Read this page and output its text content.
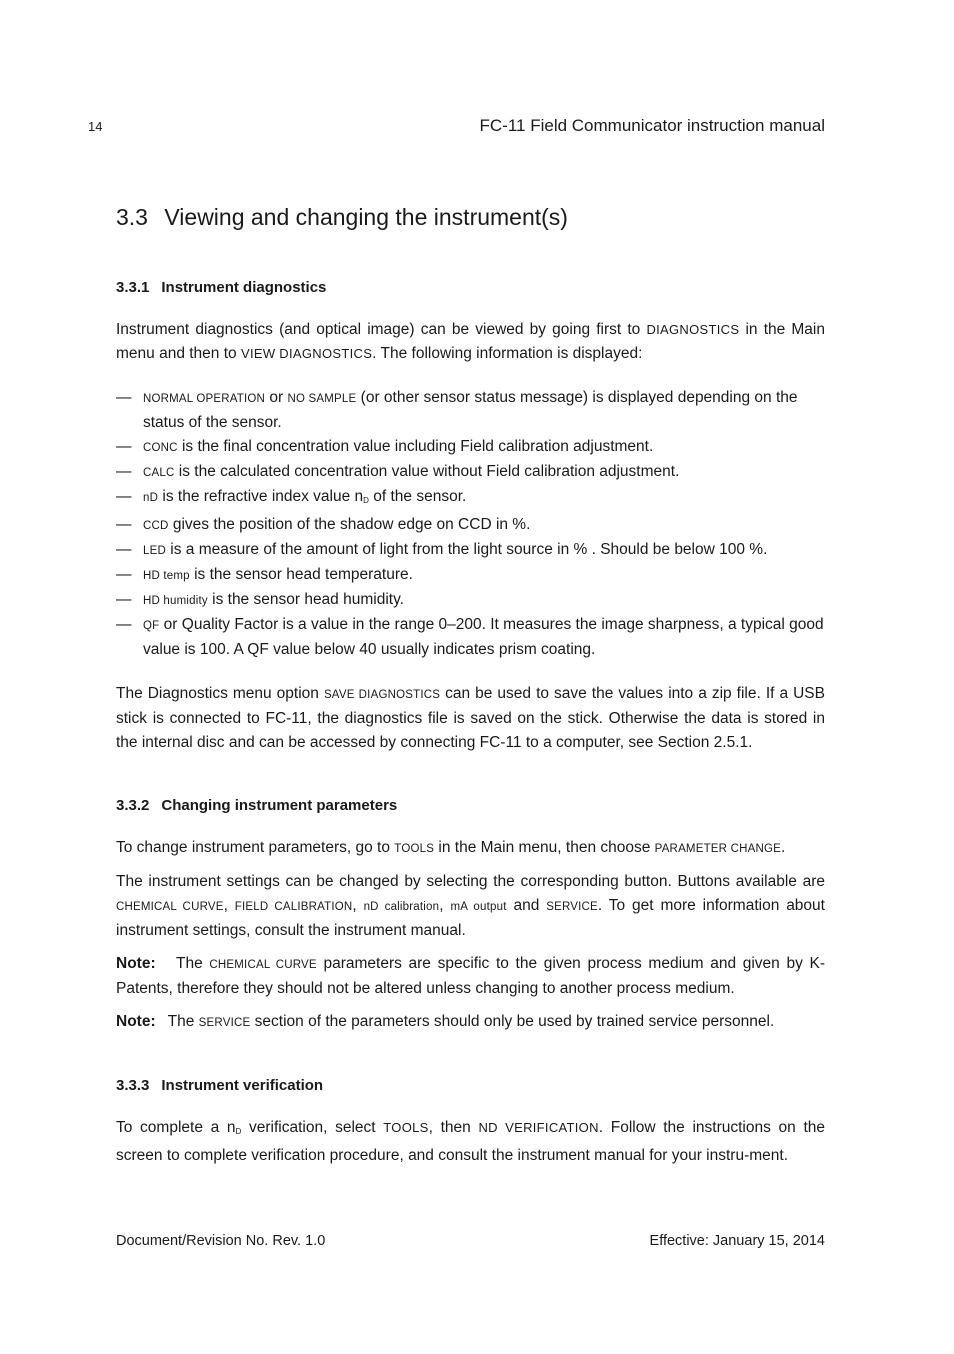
14	FC-11 Field Communicator instruction manual
3.3 Viewing and changing the instrument(s)
3.3.1 Instrument diagnostics

Instrument diagnostics (and optical image) can be viewed by going first to DIAGNOSTICS in the Main menu and then to VIEW DIAGNOSTICS. The following information is displayed:

— NORMAL OPERATION or NO SAMPLE (or other sensor status message) is displayed depending on the status of the sensor.
— CONC is the final concentration value including Field calibration adjustment.
— CALC is the calculated concentration value without Field calibration adjustment.
— nD is the refractive index value $n_D$ of the sensor.
— CCD gives the position of the shadow edge on CCD in %.
— LED is a measure of the amount of light from the light source in % . Should be below 100 %.
— HD temp is the sensor head temperature.
— HD humidity is the sensor head humidity.
— QF or Quality Factor is a value in the range 0–200. It measures the image sharpness, a typical good value is 100. A QF value below 40 usually indicates prism coating.

The Diagnostics menu option SAVE DIAGNOSTICS can be used to save the values into a zip file. If a USB stick is connected to FC-11, the diagnostics file is saved on the stick. Otherwise the data is stored in the internal disc and can be accessed by connecting FC-11 to a computer, see Section 2.5.1.

3.3.2 Changing instrument parameters

To change instrument parameters, go to TOOLS in the Main menu, then choose PARAMETER CHANGE.

The instrument settings can be changed by selecting the corresponding button. Buttons available are CHEMICAL CURVE, FIELD CALIBRATION, nD calibration, mA output and SERVICE. To get more information about instrument settings, consult the instrument manual.

Note: The CHEMICAL CURVE parameters are specific to the given process medium and given by K-Patents, therefore they should not be altered unless changing to another process medium.

Note: The SERVICE section of the parameters should only be used by trained service personnel.

3.3.3 Instrument verification

To complete a $n_D$ verification, select TOOLS, then ND VERIFICATION. Follow the instructions on the screen to complete verification procedure, and consult the instrument manual for your instru-ment.

Document/Revision No. Rev. 1.0	Effective: January 15, 2014
